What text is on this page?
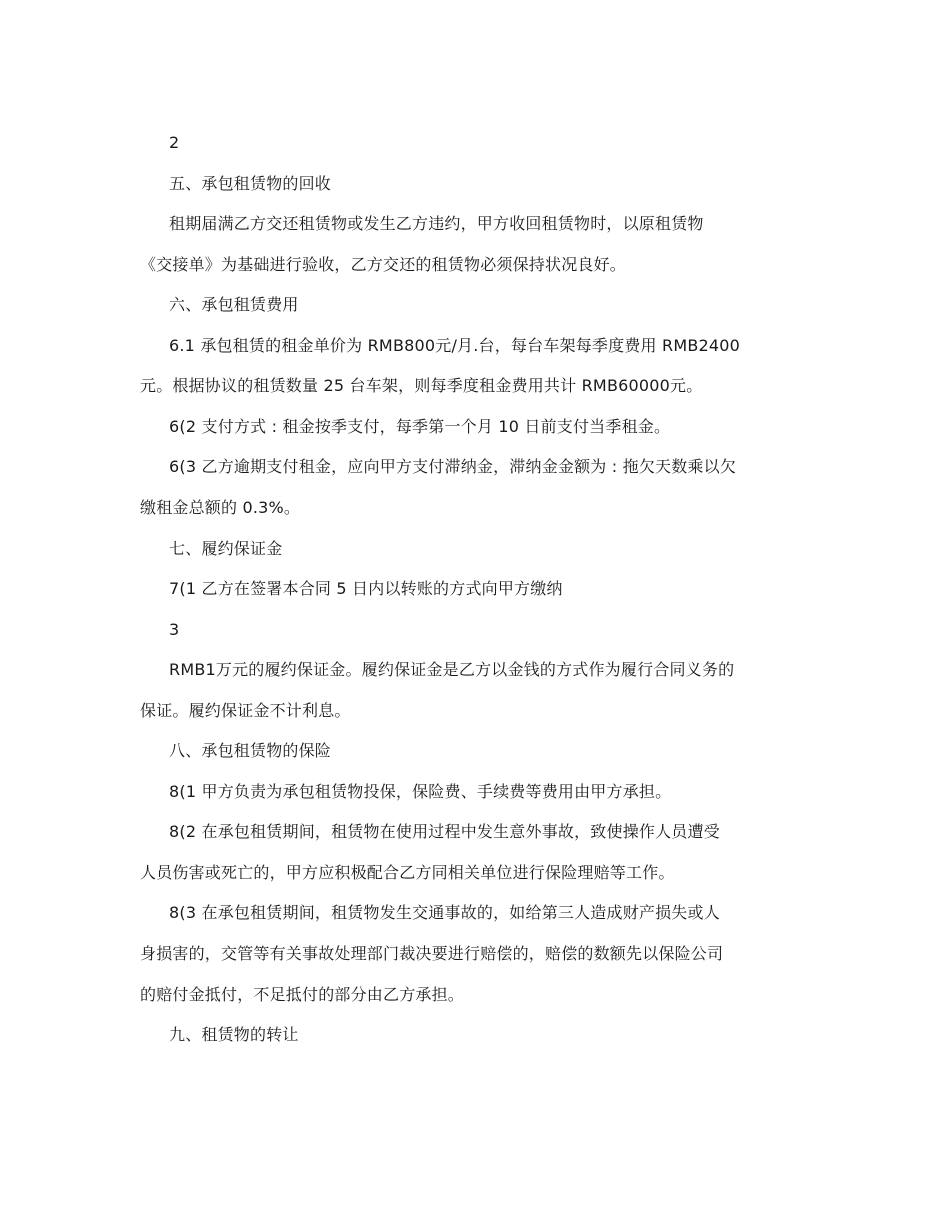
2
五、承包租赁物的回收
租期届满乙方交还租赁物或发生乙方违约，甲方收回租赁物时，以原租赁物
《交接单》为基础进行验收，乙方交还的租赁物必须保持状况良好。
六、承包租赁费用
6.1 承包租赁的租金单价为 RMB800元/月.台，每台车架每季度费用 RMB2400
元。根据协议的租赁数量 25 台车架，则每季度租金费用共计 RMB60000元。
6(2 支付方式 : 租金按季支付，每季第一个月 10 日前支付当季租金。
6(3 乙方逾期支付租金，应向甲方支付滞纳金，滞纳金金额为 : 拖欠天数乘以欠
缴租金总额的 0.3%。
七、履约保证金
7(1 乙方在签署本合同 5 日内以转账的方式向甲方缴纳
3
RMB1万元的履约保证金。履约保证金是乙方以金钱的方式作为履行合同义务的
保证。履约保证金不计利息。
八、承包租赁物的保险
8(1 甲方负责为承包租赁物投保，保险费、手续费等费用由甲方承担。
8(2 在承包租赁期间，租赁物在使用过程中发生意外事故，致使操作人员遭受
人员伤害或死亡的，甲方应积极配合乙方同相关单位进行保险理赔等工作。
8(3 在承包租赁期间，租赁物发生交通事故的，如给第三人造成财产损失或人
身损害的，交管等有关事故处理部门裁决要进行赔偿的，赔偿的数额先以保险公司
的赔付金抵付，不足抵付的部分由乙方承担。
九、租赁物的转让
